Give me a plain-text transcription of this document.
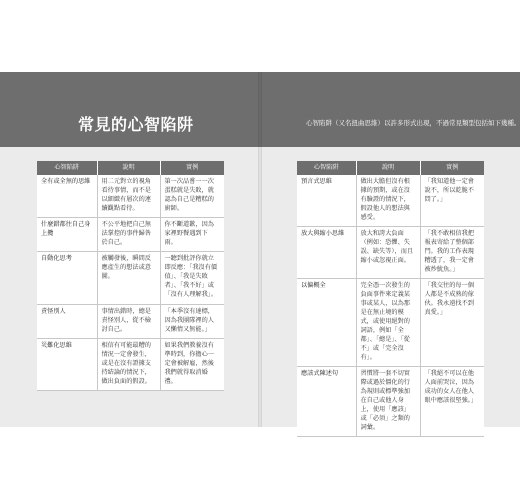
常見的心智陷阱	心智陷阱（又名扭曲思維）以許多形式出現，不過常見類型包括如下幾種。
心智陷阱	說明	實例
全有或全無的思維	用二元對立的視角看待事情，而不是以細緻有層次的連續觀點看待。	第一次品嘗一一次蛋糕就是失敗，就認為自己是糟糕的廚師。
什麼錯都往自己身上攬	不公平地把自己無法掌控的事件歸咎於自己。	你不斷道歉，因為家裡野餐遇到下雨。
自動化思考	被觸發後，瞬間反應產生的想法或意圖。	一聽到批評你就立即反應：「我沒有價值」、「我是失敗者」、「我不好」或「沒有人理解我」。
責怪別人	事情出錯時，總是責怪別人，從不檢討自己。	「本季沒有達標，因為我團隊裡的人又懶惰又無能。」
災難化思維	相信有可能最糟的情況一定會發生，或是在沒有證據支持結論的情況下，做出負面的假設。	如果我們教養沒有準時到，你擔心一定會被解雇，然後我們就得取消婚禮。
心智陷阱	說明	實例
預言式思維	做出大膽但沒有根據的預期，或在沒有驗證的情況下，假設他人的想法與感受。	「我知道他一定會說不，所以乾脆不問了。」
放大與縮小思維	放大和誇大負面（例如：恐懼、失誤、缺失等），而且縮小或忽視正面。	「我不敢相信我把報表寄給了整個部門。我的工作表現糟透了，我一定會被炒魷魚。」
以偏概全	完全憑一次發生的負面事件來定義某事或某人，以為那是在無止境的模式，或使用絕對的詞語，例如「全都」、「總是」、「從不」或「完全沒有」。	「我交往的每一個人都是不成熟的傢伙。我永遠找不到真愛。」
應該式陳述句	習慣將一套不切實際或過於僵化的行為規則或標準強加在自己或他人身上，使用「應該」或「必須」之類的詞彙。	「我絕不可以在他人面前哭泣，因為成功的女人在他人眼中應該很堅強。」
